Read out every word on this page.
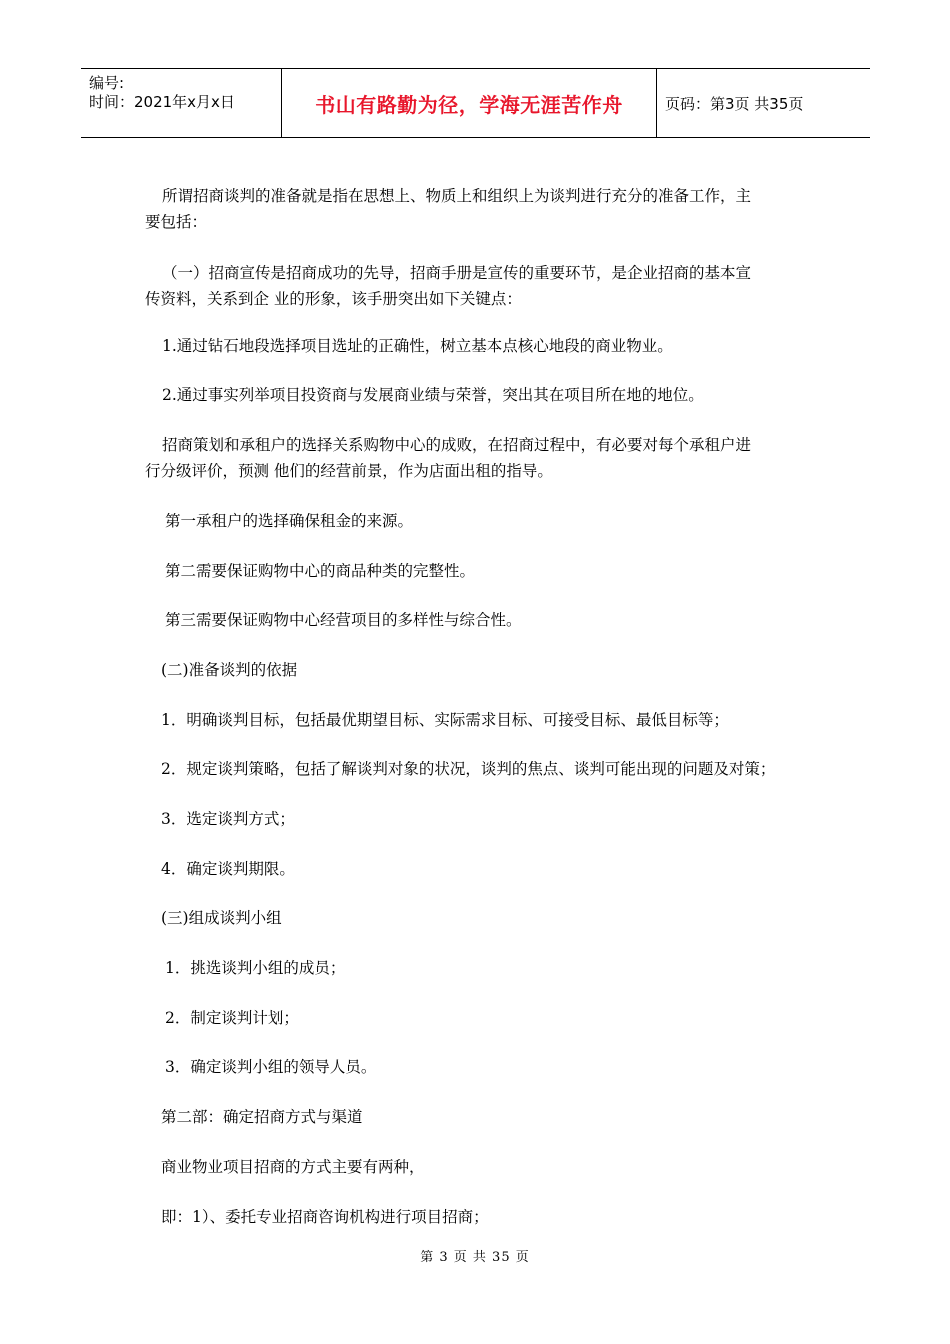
编号:
时间：2021年x月x日	书山有路勤为径，学海无涯苦作舟	页码：第3页 共35页
所谓招商谈判的准备就是指在思想上、物质上和组织上为谈判进行充分的准备工作，主
要包括：
（一）招商宣传是招商成功的先导，招商手册是宣传的重要环节，是企业招商的基本宣
传资料，关系到企 业的形象，该手册突出如下关键点：
1.通过钻石地段选择项目选址的正确性，树立基本点核心地段的商业物业。
2.通过事实列举项目投资商与发展商业绩与荣誉，突出其在项目所在地的地位。
招商策划和承租户的选择关系购物中心的成败，在招商过程中，有必要对每个承租户进
行分级评价，预测 他们的经营前景，作为店面出租的指导。
第一承租户的选择确保租金的来源。
第二需要保证购物中心的商品种类的完整性。
第三需要保证购物中心经营项目的多样性与综合性。
(二)准备谈判的依据
1．明确谈判目标，包括最优期望目标、实际需求目标、可接受目标、最低目标等；
2．规定谈判策略，包括了解谈判对象的状况，谈判的焦点、谈判可能出现的问题及对策；
3．选定谈判方式；
4．确定谈判期限。
(三)组成谈判小组
1．挑选谈判小组的成员；
2．制定谈判计划；
3．确定谈判小组的领导人员。
第二部：确定招商方式与渠道
商业物业项目招商的方式主要有两种，
即：1）、委托专业招商咨询机构进行项目招商；
第 3 页 共 35 页
